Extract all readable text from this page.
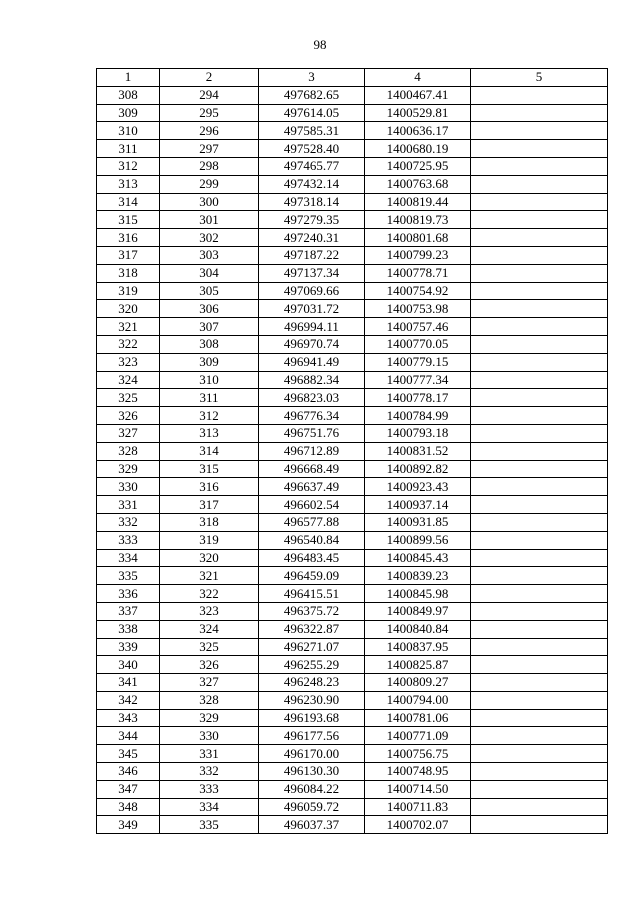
98
1	2	3	4	5
308	294	497682.65	1400467.41	
309	295	497614.05	1400529.81	
310	296	497585.31	1400636.17	
311	297	497528.40	1400680.19	
312	298	497465.77	1400725.95	
313	299	497432.14	1400763.68	
314	300	497318.14	1400819.44	
315	301	497279.35	1400819.73	
316	302	497240.31	1400801.68	
317	303	497187.22	1400799.23	
318	304	497137.34	1400778.71	
319	305	497069.66	1400754.92	
320	306	497031.72	1400753.98	
321	307	496994.11	1400757.46	
322	308	496970.74	1400770.05	
323	309	496941.49	1400779.15	
324	310	496882.34	1400777.34	
325	311	496823.03	1400778.17	
326	312	496776.34	1400784.99	
327	313	496751.76	1400793.18	
328	314	496712.89	1400831.52	
329	315	496668.49	1400892.82	
330	316	496637.49	1400923.43	
331	317	496602.54	1400937.14	
332	318	496577.88	1400931.85	
333	319	496540.84	1400899.56	
334	320	496483.45	1400845.43	
335	321	496459.09	1400839.23	
336	322	496415.51	1400845.98	
337	323	496375.72	1400849.97	
338	324	496322.87	1400840.84	
339	325	496271.07	1400837.95	
340	326	496255.29	1400825.87	
341	327	496248.23	1400809.27	
342	328	496230.90	1400794.00	
343	329	496193.68	1400781.06	
344	330	496177.56	1400771.09	
345	331	496170.00	1400756.75	
346	332	496130.30	1400748.95	
347	333	496084.22	1400714.50	
348	334	496059.72	1400711.83	
349	335	496037.37	1400702.07	
